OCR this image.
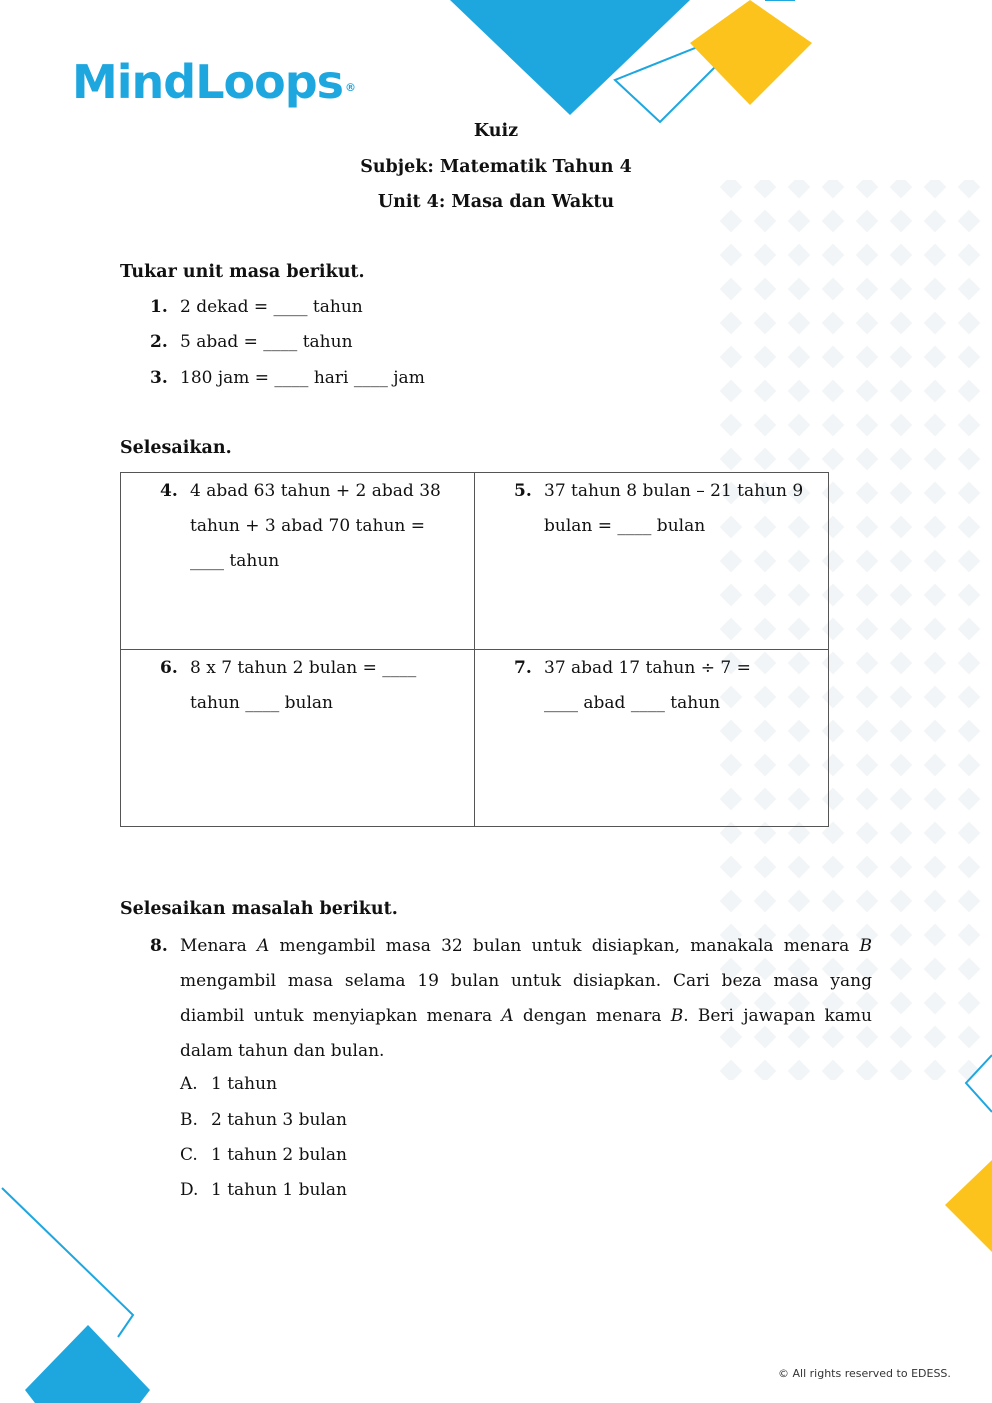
MindLoops ®
Kuiz
Subjek: Matematik Tahun 4
Unit 4: Masa dan Waktu
Tukar unit masa berikut.
1. 2 dekad = ____ tahun
2. 5 abad = ____ tahun
3. 180 jam = ____ hari ____ jam
Selesaikan.
4. 4 abad 63 tahun + 2 abad 38 tahun + 3 abad 70 tahun = ____ tahun	5. 37 tahun 8 bulan – 21 tahun 9 bulan = ____ bulan

6. 8 x 7 tahun 2 bulan = ____ tahun ____ bulan	7. 37 abad 17 tahun ÷ 7 = ____ abad ____ tahun
Selesaikan masalah berikut.
8. Menara A mengambil masa 32 bulan untuk disiapkan, manakala menara B mengambil masa selama 19 bulan untuk disiapkan. Cari beza masa yang diambil untuk menyiapkan menara A dengan menara B. Beri jawapan kamu dalam tahun dan bulan.
A. 1 tahun
B. 2 tahun 3 bulan
C. 1 tahun 2 bulan
D. 1 tahun 1 bulan
© All rights reserved to EDESS.
